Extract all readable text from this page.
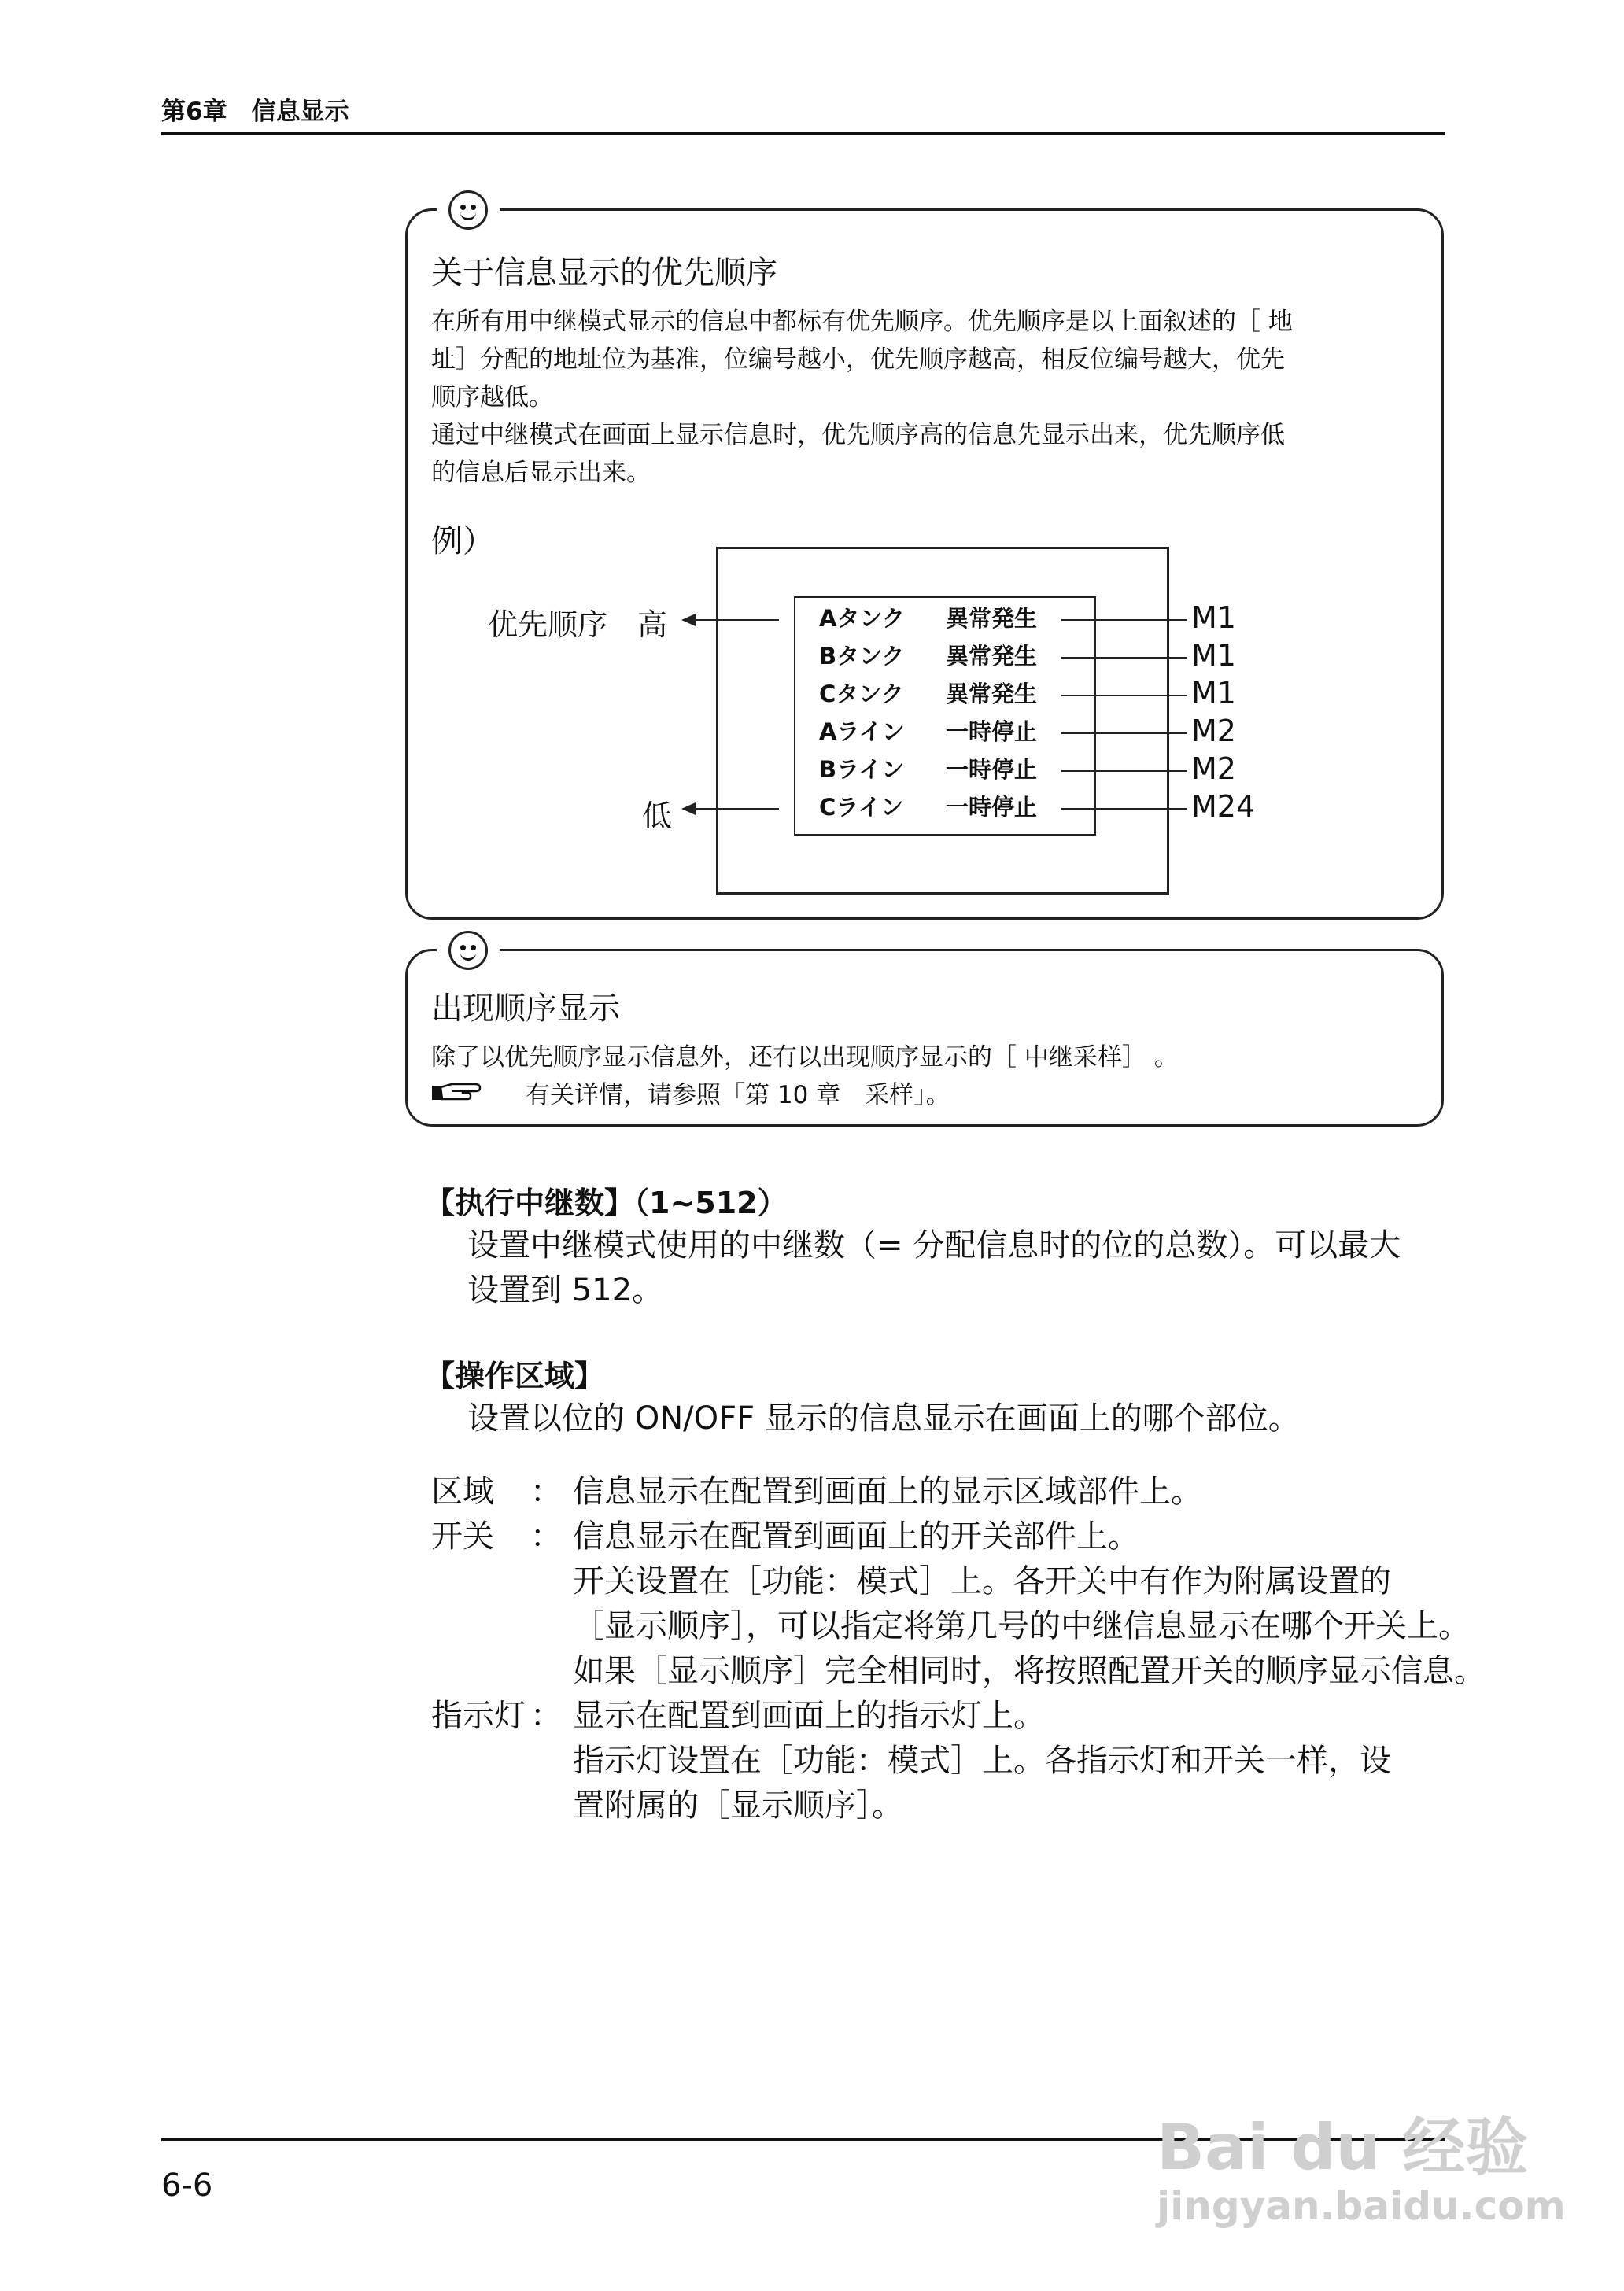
第6章　信息显示
关于信息显示的优先顺序
在所有用中继模式显示的信息中都标有优先顺序。优先顺序是以上面叙述的［ 地
址］分配的地址位为基准，位编号越小，优先顺序越高，相反位编号越大，优先
顺序越低。
通过中继模式在画面上显示信息时，优先顺序高的信息先显示出来，优先顺序低
的信息后显示出来。
例）
Aタンク 異常発生
Bタンク 異常発生
Cタンク 異常発生
Aライン 一時停止
Bライン 一時停止
Cライン 一時停止
M1
M1
M1
M2
M2
M24
优先顺序　高
低
出现顺序显示
除了以优先顺序显示信息外，还有以出现顺序显示的［ 中继采样］ 。
有关详情，请参照「第 10 章　采样」。
【执行中继数】（1~512）
设置中继模式使用的中继数（= 分配信息时的位的总数）。可以最大
设置到 512。
【操作区域】
设置以位的 ON/OFF 显示的信息显示在画面上的哪个部位。
区域 ： 信息显示在配置到画面上的显示区域部件上。
开关 ： 信息显示在配置到画面上的开关部件上。
开关设置在［功能：模式］上。各开关中有作为附属设置的
［显示顺序］，可以指定将第几号的中继信息显示在哪个开关上。
如果［显示顺序］完全相同时，将按照配置开关的顺序显示信息。
指示灯 ： 显示在配置到画面上的指示灯上。
指示灯设置在［功能：模式］上。各指示灯和开关一样，设
置附属的［显示顺序］。
6-6
Bai du 经验
jingyan.baidu.com
